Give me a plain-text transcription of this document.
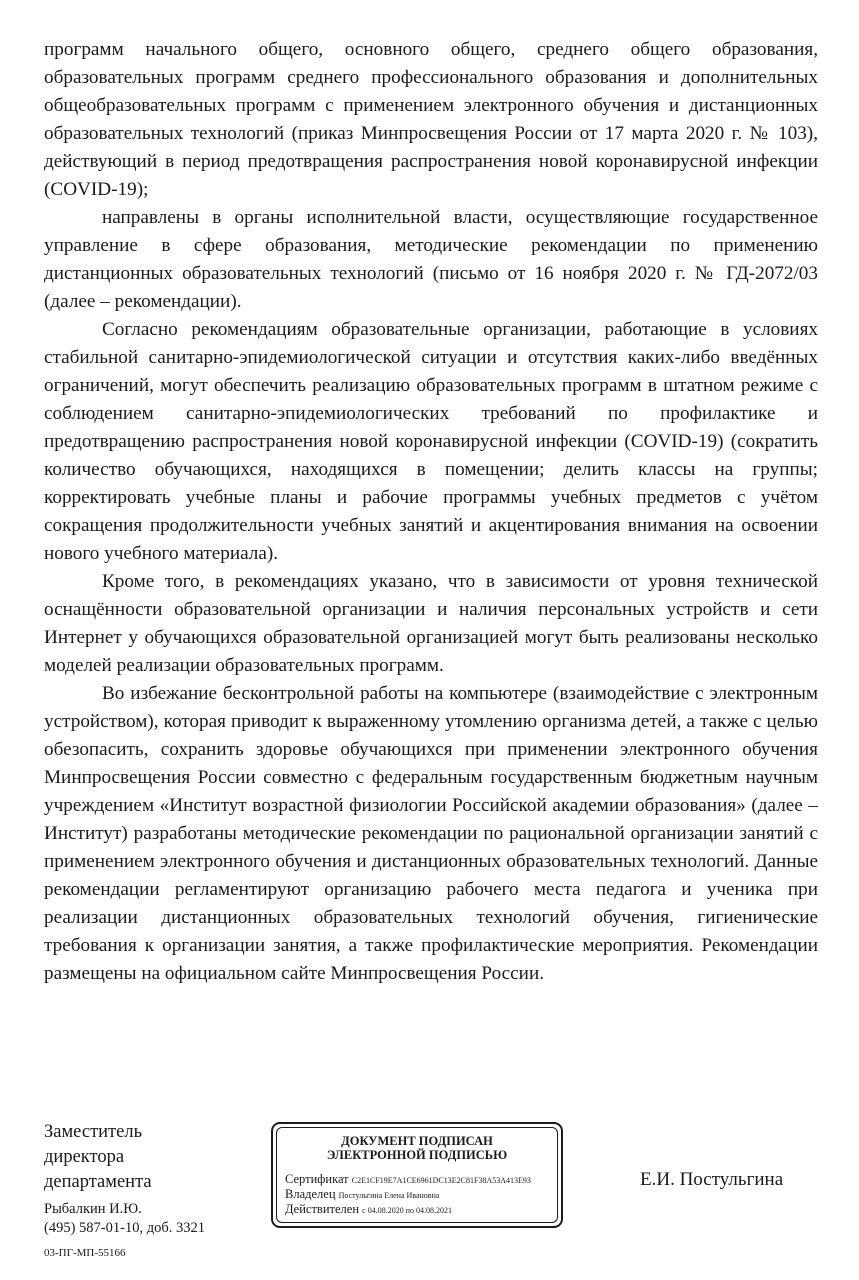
программ начального общего, основного общего, среднего общего образования, образовательных программ среднего профессионального образования и дополнительных общеобразовательных программ с применением электронного обучения и дистанционных образовательных технологий (приказ Минпросвещения России от 17 марта 2020 г. № 103), действующий в период предотвращения распространения новой коронавирусной инфекции (COVID-19);

направлены в органы исполнительной власти, осуществляющие государственное управление в сфере образования, методические рекомендации по применению дистанционных образовательных технологий (письмо от 16 ноября 2020 г. № ГД-2072/03 (далее – рекомендации).

Согласно рекомендациям образовательные организации, работающие в условиях стабильной санитарно-эпидемиологической ситуации и отсутствия каких-либо введённых ограничений, могут обеспечить реализацию образовательных программ в штатном режиме с соблюдением санитарно-эпидемиологических требований по профилактике и предотвращению распространения новой коронавирусной инфекции (COVID-19) (сократить количество обучающихся, находящихся в помещении; делить классы на группы; корректировать учебные планы и рабочие программы учебных предметов с учётом сокращения продолжительности учебных занятий и акцентирования внимания на освоении нового учебного материала).

Кроме того, в рекомендациях указано, что в зависимости от уровня технической оснащённости образовательной организации и наличия персональных устройств и сети Интернет у обучающихся образовательной организацией могут быть реализованы несколько моделей реализации образовательных программ.

Во избежание бесконтрольной работы на компьютере (взаимодействие с электронным устройством), которая приводит к выраженному утомлению организма детей, а также с целью обезопасить, сохранить здоровье обучающихся при применении электронного обучения Минпросвещения России совместно с федеральным государственным бюджетным научным учреждением «Институт возрастной физиологии Российской академии образования» (далее – Институт) разработаны методические рекомендации по рациональной организации занятий с применением электронного обучения и дистанционных образовательных технологий. Данные рекомендации регламентируют организацию рабочего места педагога и ученика при реализации дистанционных образовательных технологий обучения, гигиенические требования к организации занятия, а также профилактические мероприятия. Рекомендации размещены на официальном сайте Минпросвещения России.

Заместитель
директора
департамента
ДОКУМЕНТ ПОДПИСАН
ЭЛЕКТРОННОЙ ПОДПИСЬЮ
Сертификат C2E1CF19E7A1CE6961DC13E2C81F38A53A413E93
Владелец Постульгина Елена Ивановна
Действителен с 04.08.2020 по 04.08.2021
Е.И. Постульгина
Рыбалкин И.Ю.
(495) 587-01-10, доб. 3321
03-ПГ-МП-55166
